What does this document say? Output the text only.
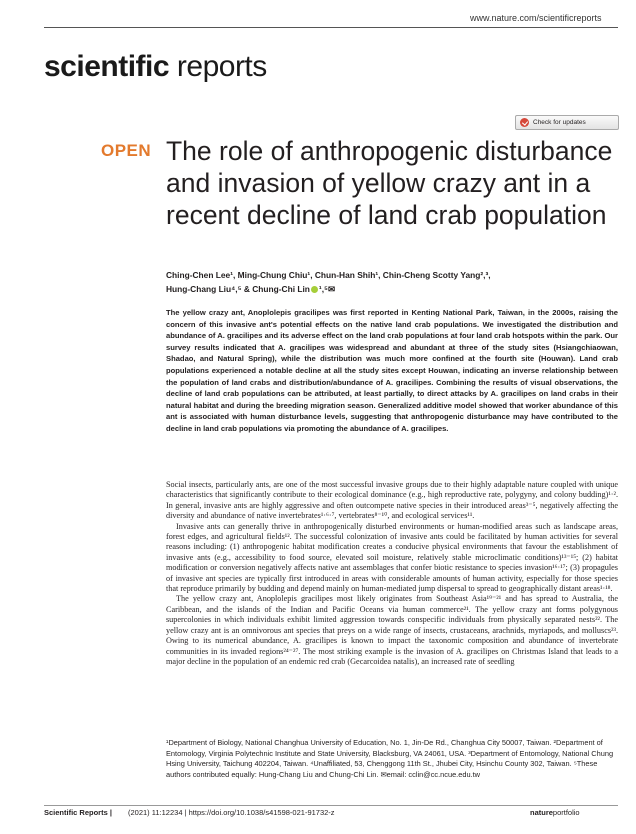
www.nature.com/scientificreports
scientific reports
Check for updates
OPEN The role of anthropogenic disturbance and invasion of yellow crazy ant in a recent decline of land crab population
Ching-Chen Lee¹, Ming-Chung Chiu¹, Chun-Han Shih¹, Chin-Cheng Scotty Yang²,³,
Hung-Chang Liu⁴,⁵ & Chung-Chi Lin ¹,⁵✉
The yellow crazy ant, Anoplolepis gracilipes was first reported in Kenting National Park, Taiwan, in the 2000s, raising the concern of this invasive ant's potential effects on the native land crab populations. We investigated the distribution and abundance of A. gracilipes and its adverse effect on the land crab populations at four land crab hotspots within the park. Our survey results indicated that A. gracilipes was widespread and abundant at three of the study sites (Hsiangchiaowan, Shadao, and Natural Spring), while the distribution was much more confined at the fourth site (Houwan). Land crab populations experienced a notable decline at all the study sites except Houwan, indicating an inverse relationship between the population of land crabs and distribution/abundance of A. gracilipes. Combining the results of visual observations, the decline of land crab populations can be attributed, at least partially, to direct attacks by A. gracilipes on land crabs in their natural habitat and during the breeding migration season. Generalized additive model showed that worker abundance of this ant is associated with human disturbance levels, suggesting that anthropogenic disturbance may have contributed to the decline in land crab populations via promoting the abundance of A. gracilipes.

Social insects, particularly ants, are one of the most successful invasive groups due to their highly adaptable nature coupled with unique characteristics that significantly contribute to their ecological dominance (e.g., high reproductive rate, polygyny, and colony budding)¹·². In general, invasive ants are highly aggressive and often outcompete native species in their introduced areas³⁻⁵, negatively affecting the diversity and abundance of native invertebrates¹·⁶·⁷, vertebrates⁸⁻¹⁰, and ecological services¹¹.

Invasive ants can generally thrive in anthropogenically disturbed environments or human-modified areas such as landscape areas, forest edges, and agricultural fields¹². The successful colonization of invasive ants could be facilitated by human activities for several reasons including: (1) anthropogenic habitat modification creates a conducive physical environments that favour the establishment of invasive ants (e.g., accessibility to food source, elevated soil moisture, relatively stable microclimatic conditions)¹³⁻¹⁵; (2) habitat modification or conversion negatively affects native ant assemblages that confer biotic resistance to species invasion¹⁶·¹⁷; (3) propagules of invasive ant species are typically first introduced in areas with considerable amounts of human activity, especially for those species that reproduce primarily by budding and depend mainly on human-mediated jump dispersal to spread to geographically distant areas¹·¹⁸.

The yellow crazy ant, Anoplolepis gracilipes most likely originates from Southeast Asia¹⁹⁻²¹ and has spread to Australia, the Caribbean, and the islands of the Indian and Pacific Oceans via human commerce²¹. The yellow crazy ant forms polygynous supercolonies in which individuals exhibit limited aggression towards conspecific individuals from physically separated nests²². The yellow crazy ant is an omnivorous ant species that preys on a wide range of insects, crustaceans, arachnids, myriapods, and molluscs²³. Owing to its numerical abundance, A. gracilipes is known to impact the taxonomic composition and abundance of invertebrate communities in its invaded regions²⁴⁻²⁷. The most striking example is the invasion of A. gracilipes on Christmas Island that leads to a major decline in the population of an endemic red crab (Gecarcoidea natalis), an increased rate of seedling

¹Department of Biology, National Changhua University of Education, No. 1, Jin-De Rd., Changhua City 50007, Taiwan. ²Department of Entomology, Virginia Polytechnic Institute and State University, Blacksburg, VA 24061, USA. ³Department of Entomology, National Chung Hsing University, Taichung 402204, Taiwan. ⁴Unaffiliated, 53, Chenggong 11th St., Jhubei City, Hsinchu County 302, Taiwan. ⁵These authors contributed equally: Hung-Chang Liu and Chung-Chi Lin. ✉email: cclin@cc.ncue.edu.tw
Scientific Reports | (2021) 11:12234 | https://doi.org/10.1038/s41598-021-91732-z	natureportfolio
